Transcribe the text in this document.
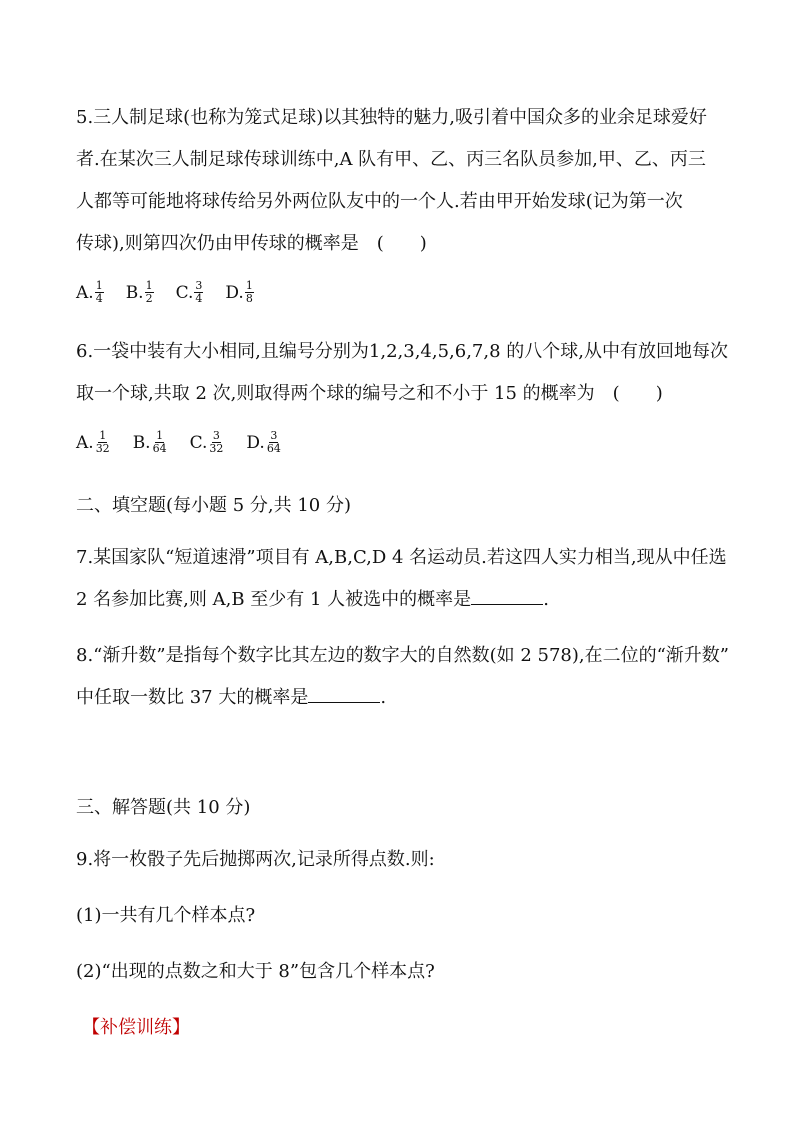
5.三人制足球(也称为笼式足球)以其独特的魅力,吸引着中国众多的业余足球爱好
者.在某次三人制足球传球训练中,A 队有甲、乙、丙三名队员参加,甲、乙、丙三
人都等可能地将球传给另外两位队友中的一个人.若由甲开始发球(记为第一次
传球),则第四次仍由甲传球的概率是　(　　)
A. $\frac{1}{4} B$. $\frac{1}{2} C$. $\frac{3}{4} D$. $\frac{1}{8}$
6.一袋中装有大小相同,且编号分别为1,2,3,4,5,6,7,8 的八个球,从中有放回地每次
取一个球,共取 2 次,则取得两个球的编号之和不小于 15 的概率为　(　　)
A. $\frac{1}{32} B$. $\frac{1}{64} C$. $\frac{3}{32} D$. $\frac{3}{64}$
二、填空题(每小题 5 分,共 10 分)
7.某国家队“短道速滑”项目有 A,B,C,D 4 名运动员.若这四人实力相当,现从中任选
2 名参加比赛,则 A,B 至少有 1 人被选中的概率是	.
8.“渐升数”是指每个数字比其左边的数字大的自然数(如 2 578),在二位的“渐升数”
中任取一数比 37 大的概率是	.
三、解答题(共 10 分)
9.将一枚骰子先后抛掷两次,记录所得点数.则:
(1)一共有几个样本点?
(2)“出现的点数之和大于 8”包含几个样本点?
【补偿训练】
